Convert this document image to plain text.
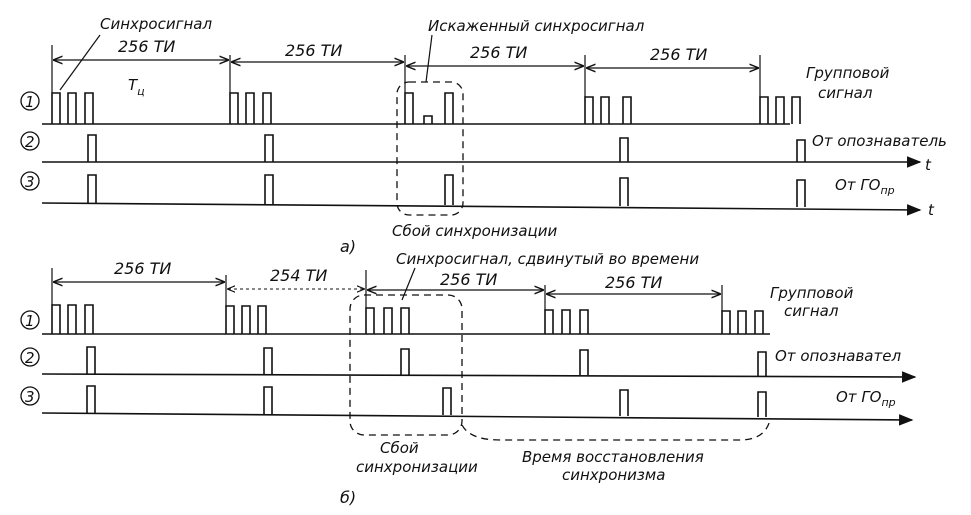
1
2
3
256 ТИ	256 ТИ	256 ТИ	256 ТИ
Синхросигнал
$Т_ц$
Искаженный синхросигнал
Групповой
сигнал
От опознаватель
t
От $ГО_{пр}$
t
Сбой синхронизации
а)
1
2
3
256 ТИ	254 ТИ	256 ТИ	256 ТИ
Синхросигнал, сдвинутый во времени
Групповой
сигнал
От опознавател
От $ГО_{пр}$
Сбой
синхронизации
Время восстановления
синхронизма
б)
